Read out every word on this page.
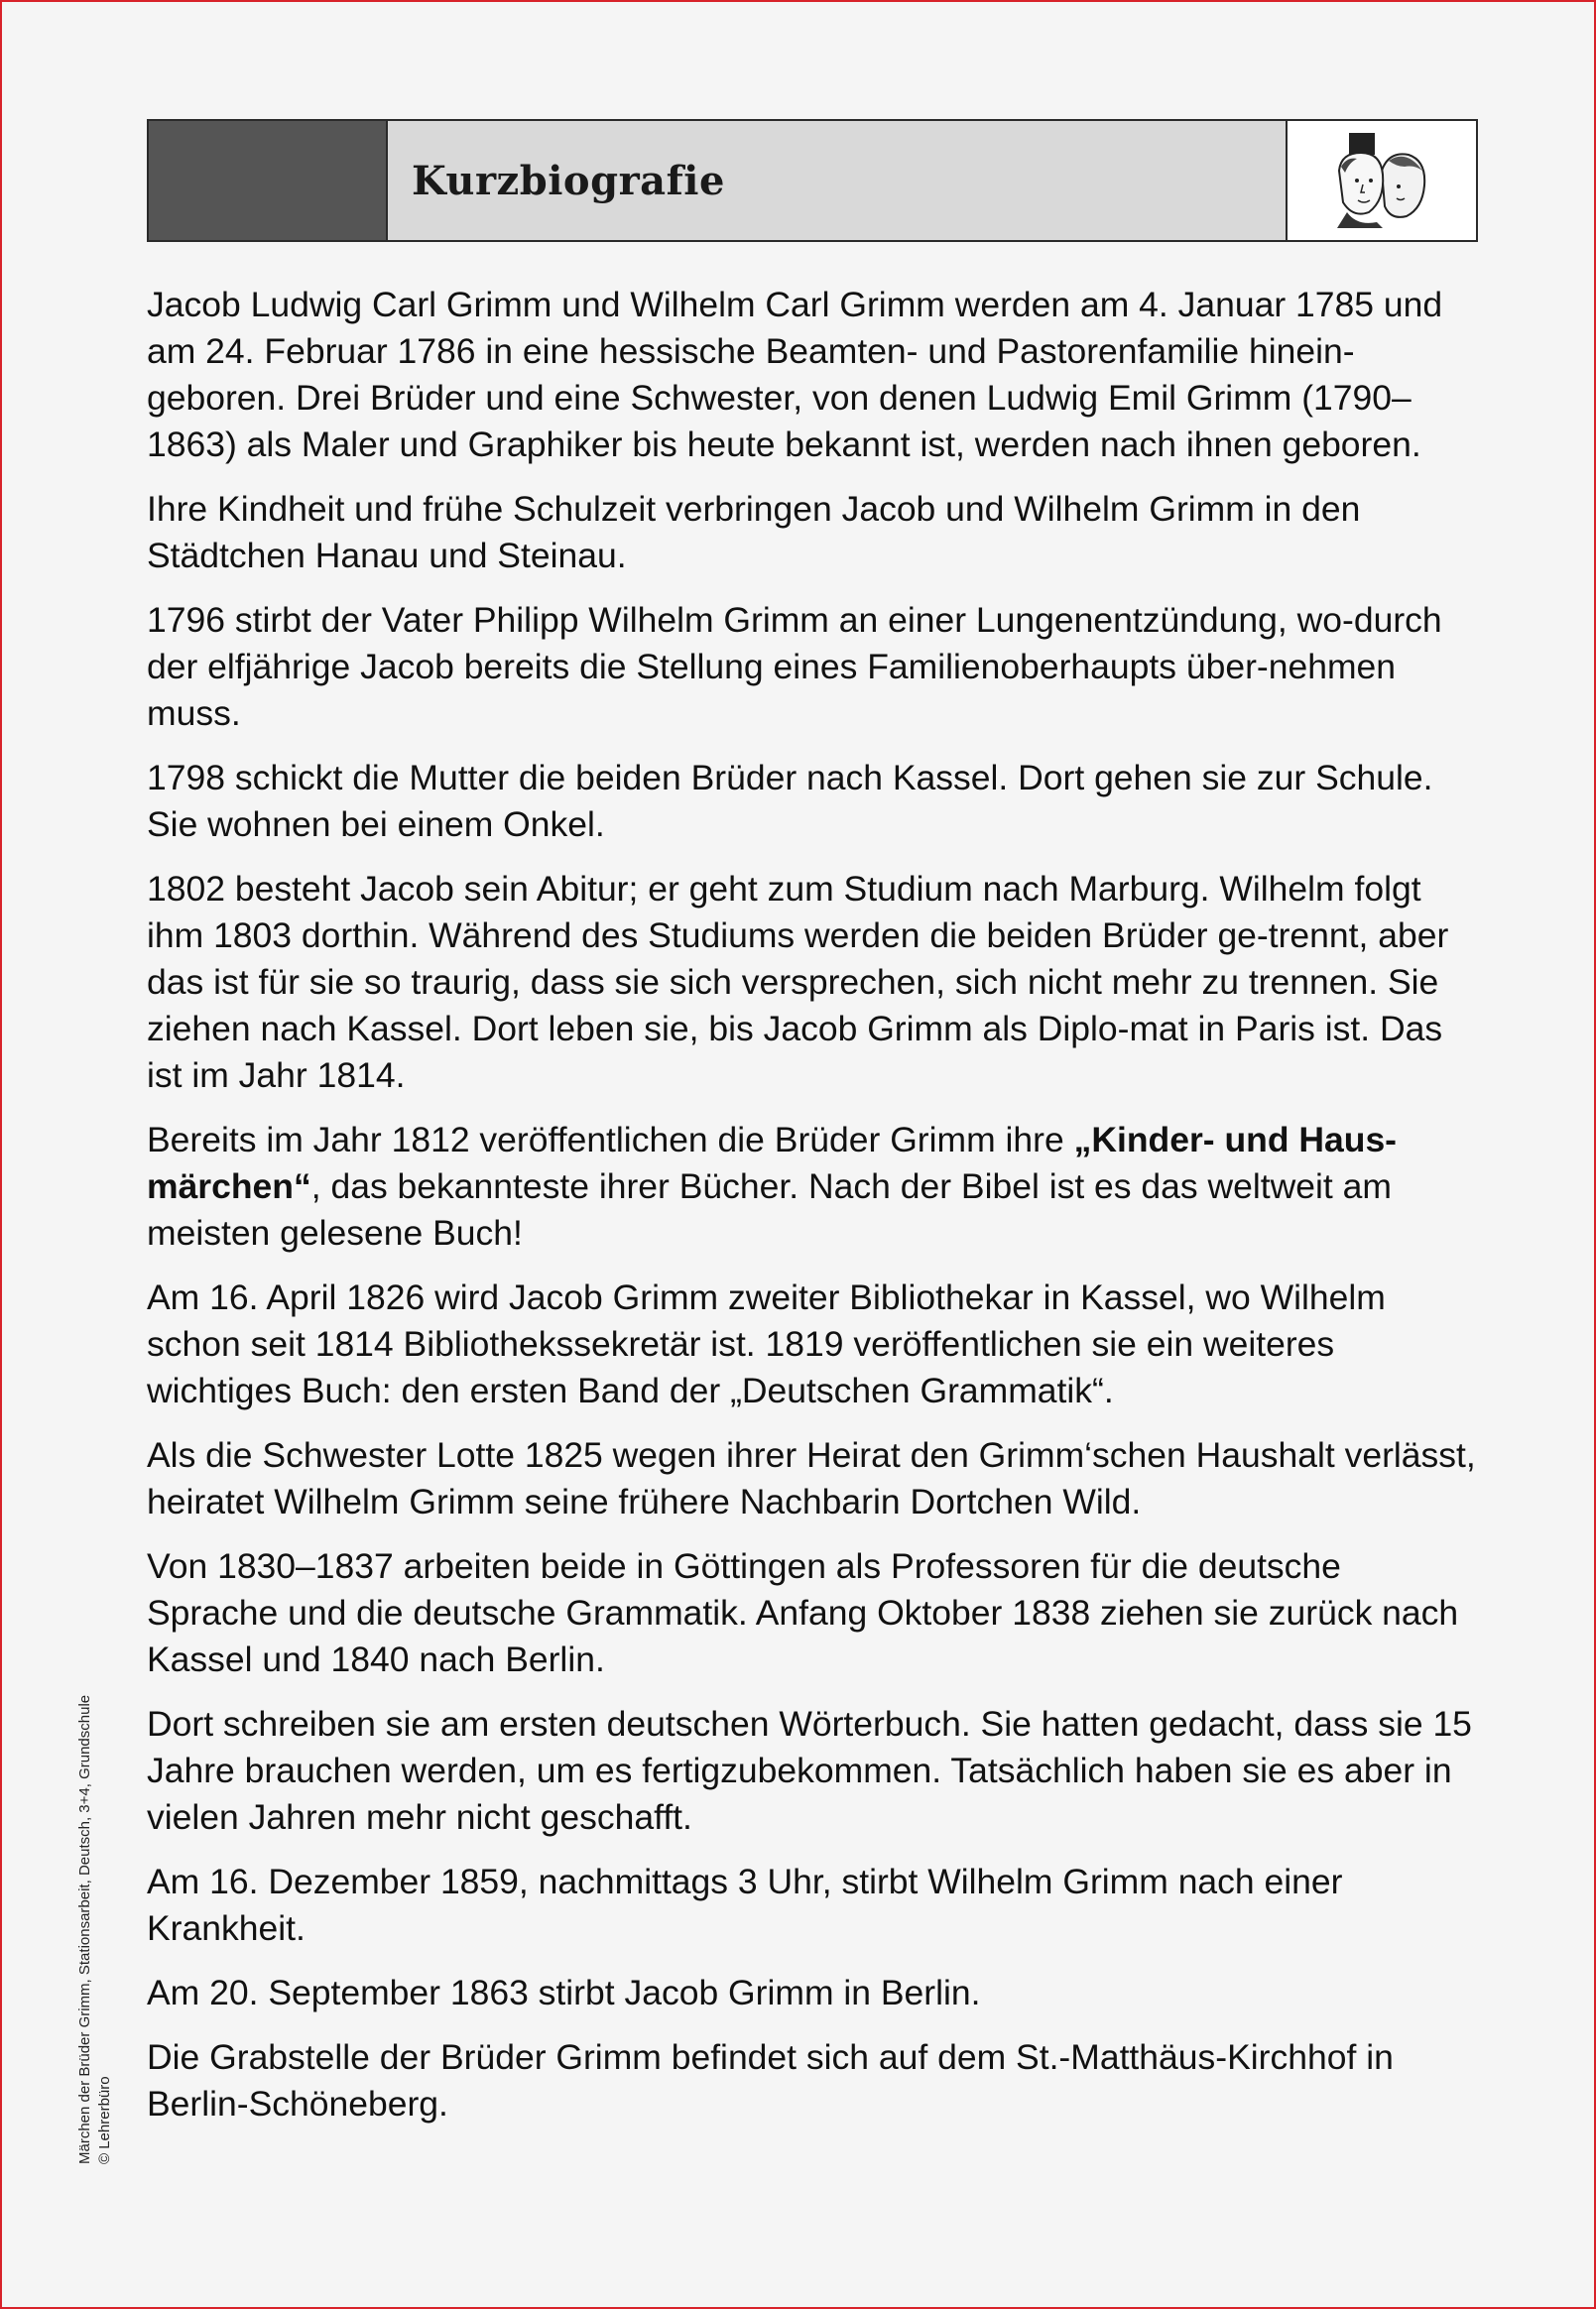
Kurzbiografie

Jacob Ludwig Carl Grimm und Wilhelm Carl Grimm werden am 4. Januar 1785 und am 24. Februar 1786 in eine hessische Beamten- und Pastorenfamilie hinein-geboren. Drei Brüder und eine Schwester, von denen Ludwig Emil Grimm (1790–1863) als Maler und Graphiker bis heute bekannt ist, werden nach ihnen geboren.

Ihre Kindheit und frühe Schulzeit verbringen Jacob und Wilhelm Grimm in den Städtchen Hanau und Steinau.

1796 stirbt der Vater Philipp Wilhelm Grimm an einer Lungenentzündung, wo-durch der elfjährige Jacob bereits die Stellung eines Familienoberhaupts über-nehmen muss.

1798 schickt die Mutter die beiden Brüder nach Kassel. Dort gehen sie zur Schule. Sie wohnen bei einem Onkel.

1802 besteht Jacob sein Abitur; er geht zum Studium nach Marburg. Wilhelm folgt ihm 1803 dorthin. Während des Studiums werden die beiden Brüder ge-trennt, aber das ist für sie so traurig, dass sie sich versprechen, sich nicht mehr zu trennen. Sie ziehen nach Kassel. Dort leben sie, bis Jacob Grimm als Diplo-mat in Paris ist. Das ist im Jahr 1814.

Bereits im Jahr 1812 veröffentlichen die Brüder Grimm ihre „Kinder- und Haus-märchen“, das bekannteste ihrer Bücher. Nach der Bibel ist es das weltweit am meisten gelesene Buch!

Am 16. April 1826 wird Jacob Grimm zweiter Bibliothekar in Kassel, wo Wilhelm schon seit 1814 Bibliothekssekretär ist. 1819 veröffentlichen sie ein weiteres wichtiges Buch: den ersten Band der „Deutschen Grammatik“.

Als die Schwester Lotte 1825 wegen ihrer Heirat den Grimm‘schen Haushalt verlässt, heiratet Wilhelm Grimm seine frühere Nachbarin Dortchen Wild.

Von 1830–1837 arbeiten beide in Göttingen als Professoren für die deutsche Sprache und die deutsche Grammatik. Anfang Oktober 1838 ziehen sie zurück nach Kassel und 1840 nach Berlin.

Dort schreiben sie am ersten deutschen Wörterbuch. Sie hatten gedacht, dass sie 15 Jahre brauchen werden, um es fertigzubekommen. Tatsächlich haben sie es aber in vielen Jahren mehr nicht geschafft.

Am 16. Dezember 1859, nachmittags 3 Uhr, stirbt Wilhelm Grimm nach einer Krankheit.

Am 20. September 1863 stirbt Jacob Grimm in Berlin.

Die Grabstelle der Brüder Grimm befindet sich auf dem St.-Matthäus-Kirchhof in Berlin-Schöneberg.

Märchen der Brüder Grimm, Stationsarbeit, Deutsch, 3+4, Grundschule © Lehrerbüro
